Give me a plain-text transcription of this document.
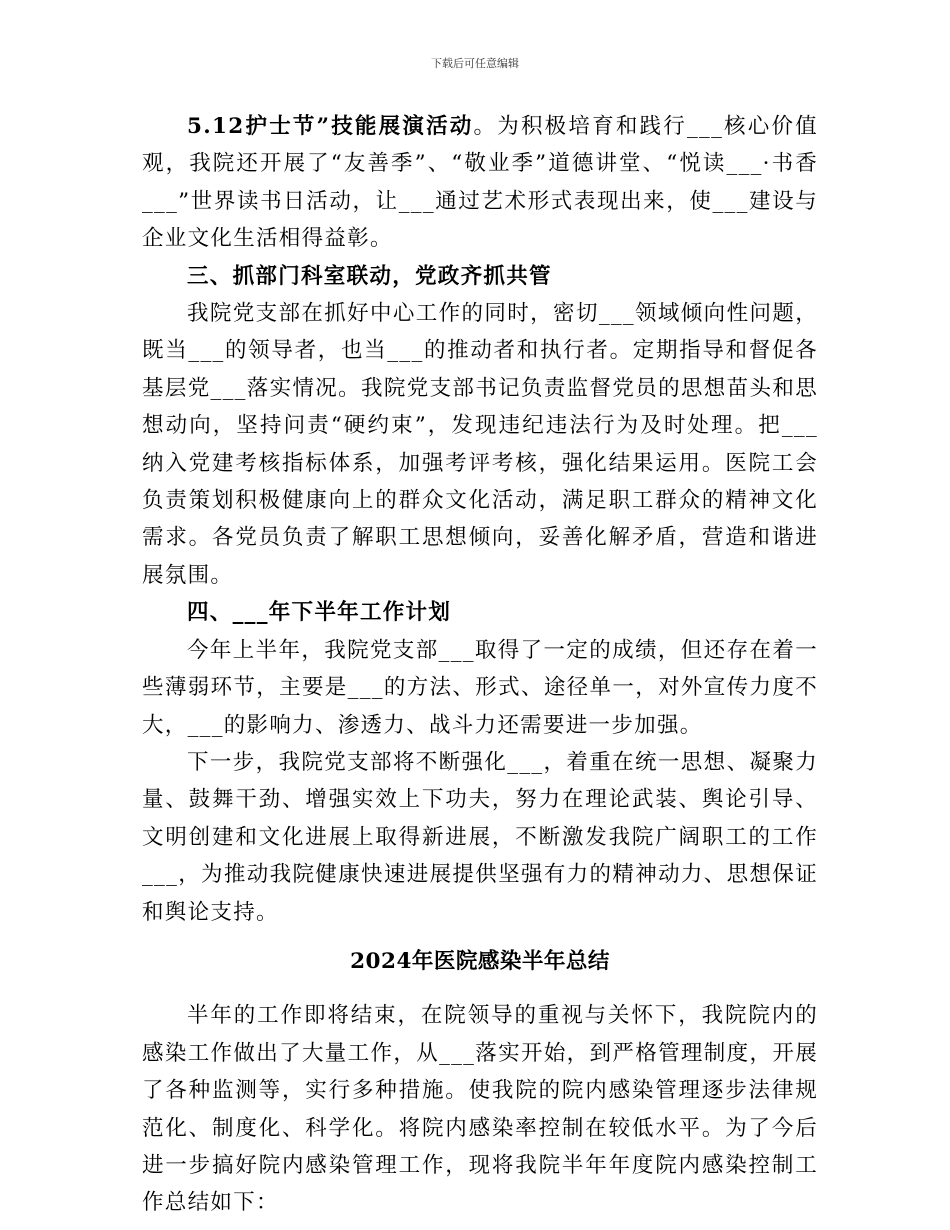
下载后可任意编辑

5.12护士节”技能展演活动。为积极培育和践行___核心价值观，我院还开展了“友善季”、“敬业季”道德讲堂、“悦读___·书香___”世界读书日活动，让___通过艺术形式表现出来，使___建设与企业文化生活相得益彰。

三、抓部门科室联动，党政齐抓共管

我院党支部在抓好中心工作的同时，密切___领域倾向性问题，既当___的领导者，也当___的推动者和执行者。定期指导和督促各基层党___落实情况。我院党支部书记负责监督党员的思想苗头和思想动向，坚持问责“硬约束”，发现违纪违法行为及时处理。把___纳入党建考核指标体系，加强考评考核，强化结果运用。医院工会负责策划积极健康向上的群众文化活动，满足职工群众的精神文化需求。各党员负责了解职工思想倾向，妥善化解矛盾，营造和谐进展氛围。

四、___年下半年工作计划

今年上半年，我院党支部___取得了一定的成绩，但还存在着一些薄弱环节，主要是___的方法、形式、途径单一，对外宣传力度不大，___的影响力、渗透力、战斗力还需要进一步加强。

下一步，我院党支部将不断强化___，着重在统一思想、凝聚力量、鼓舞干劲、增强实效上下功夫，努力在理论武装、舆论引导、文明创建和文化进展上取得新进展，不断激发我院广阔职工的工作___，为推动我院健康快速进展提供坚强有力的精神动力、思想保证和舆论支持。

2024年医院感染半年总结

半年的工作即将结束，在院领导的重视与关怀下，我院院内的感染工作做出了大量工作，从___落实开始，到严格管理制度，开展了各种监测等，实行多种措施。使我院的院内感染管理逐步法律规范化、制度化、科学化。将院内感染率控制在较低水平。为了今后进一步搞好院内感染管理工作，现将我院半年年度院内感染控制工作总结如下：
